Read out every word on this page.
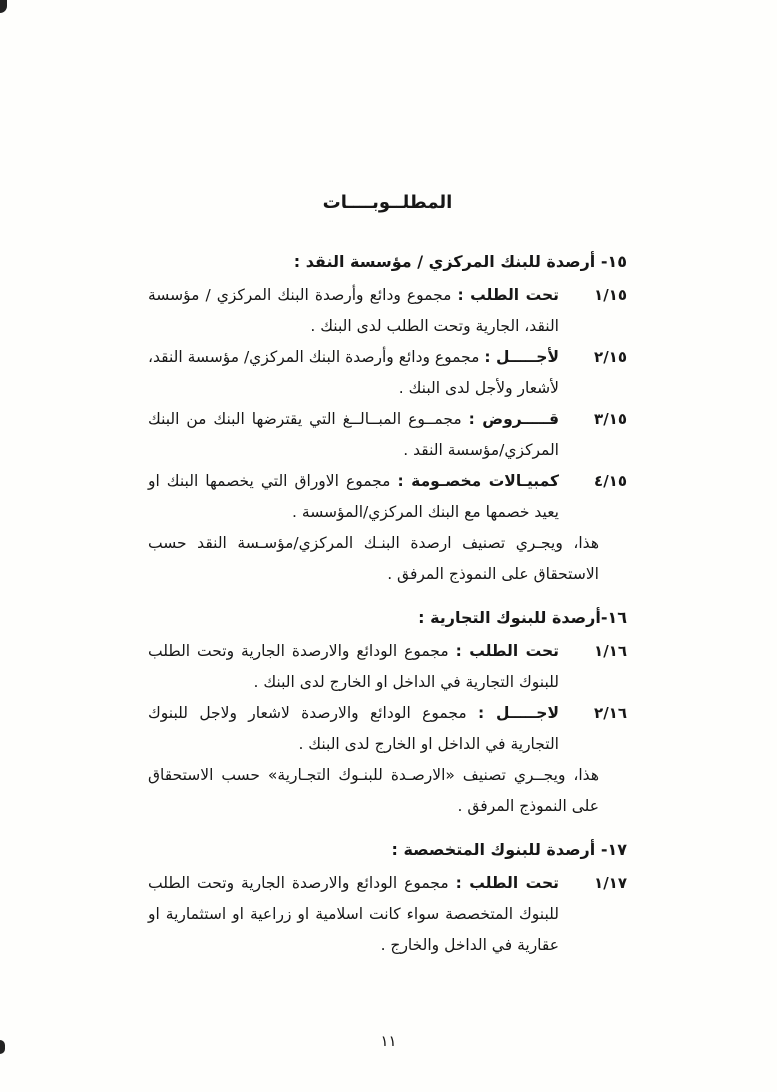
المطلــوبــــات
١٥- أرصدة للبنك المركزي / مؤسسة النقد :
١/١٥
تحت الطلب : مجموع ودائع وأرصدة البنك المركزي / مؤسسة النقد، الجارية وتحت الطلب لدى البنك .
٢/١٥
لأجـــــل : مجموع ودائع وأرصدة البنك المركزي/ مؤسسة النقد، لأشعار ولأجل لدى البنك .
٣/١٥
قـــــروض : مجمــوع المبــالــغ التي يقترضها البنك من البنك المركزي/مؤسسة النقد .
٤/١٥
كمبيـالات مخصـومة : مجموع الاوراق التي يخصمها البنك او يعيد خصمها مع البنك المركزي/المؤسسة .

هذا، ويجـري تصنيف ارصدة البنـك المركزي/مؤسـسة النقد حسب الاستحقاق على النموذج المرفق .

١٦-أرصدة للبنوك التجارية :
١/١٦
تحت الطلب : مجموع الودائع والارصدة الجارية وتحت الطلب للبنوك التجارية في الداخل او الخارج لدى البنك .
٢/١٦
لاجـــــل : مجموع الودائع والارصدة لاشعار ولاجل للبنوك التجارية في الداخل او الخارج لدى البنك .

هذا، ويجــري تصنيف «الارصـدة للبنـوك التجـارية» حسب الاستحقاق على النموذج المرفق .

١٧- أرصدة للبنوك المتخصصة :
١/١٧
تحت الطلب : مجموع الودائع والارصدة الجارية وتحت الطلب للبنوك المتخصصة سواء كانت اسلامية او زراعية او استثمارية او عقارية في الداخل والخارج .
١١
